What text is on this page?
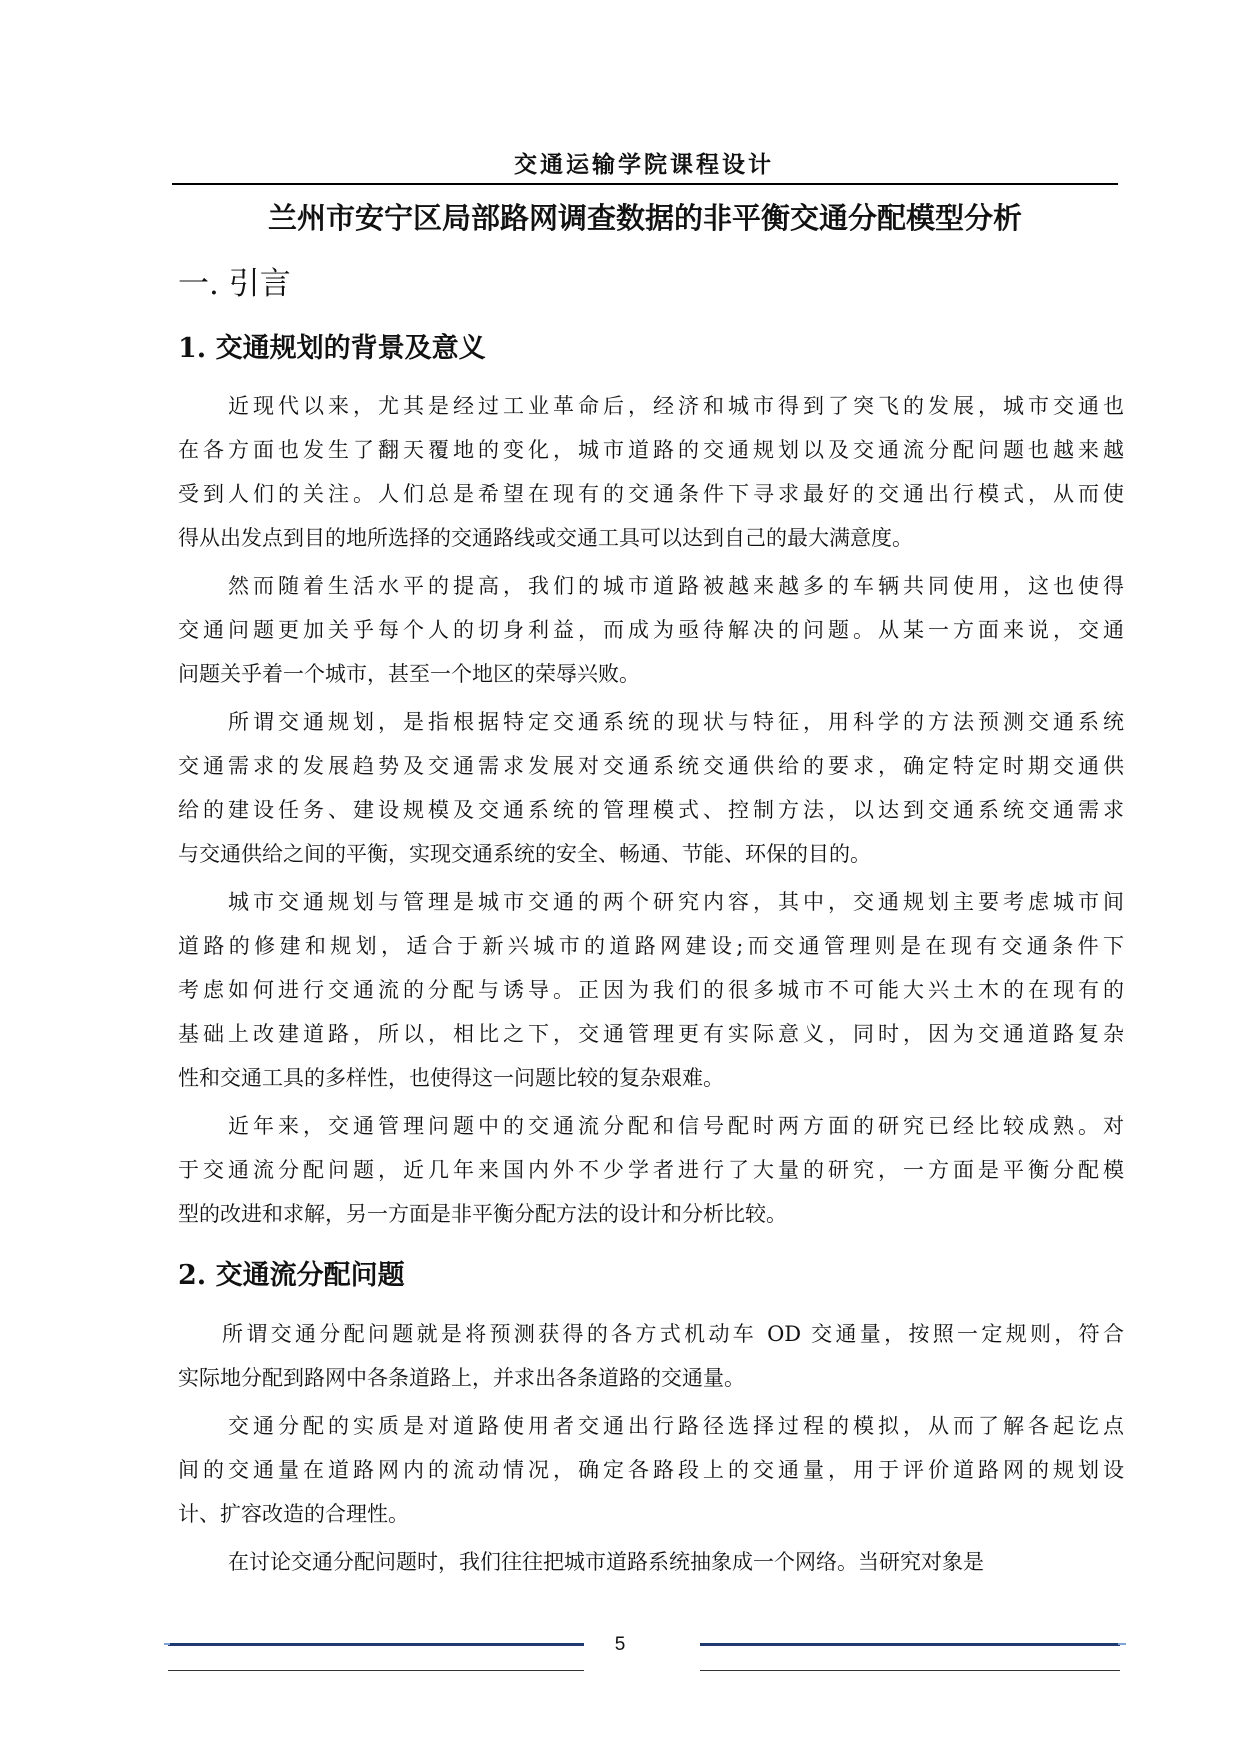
交通运输学院课程设计
兰州市安宁区局部路网调查数据的非平衡交通分配模型分析
一. 引言
1. 交通规划的背景及意义
近现代以来，尤其是经过工业革命后，经济和城市得到了突飞的发展，城市交通也
在各方面也发生了翻天覆地的变化，城市道路的交通规划以及交通流分配问题也越来越
受到人们的关注。人们总是希望在现有的交通条件下寻求最好的交通出行模式，从而使
得从出发点到目的地所选择的交通路线或交通工具可以达到自己的最大满意度。
然而随着生活水平的提高，我们的城市道路被越来越多的车辆共同使用，这也使得
交通问题更加关乎每个人的切身利益，而成为亟待解决的问题。从某一方面来说，交通
问题关乎着一个城市，甚至一个地区的荣辱兴败。
所谓交通规划，是指根据特定交通系统的现状与特征，用科学的方法预测交通系统
交通需求的发展趋势及交通需求发展对交通系统交通供给的要求，确定特定时期交通供
给的建设任务、建设规模及交通系统的管理模式、控制方法，以达到交通系统交通需求
与交通供给之间的平衡，实现交通系统的安全、畅通、节能、环保的目的。
城市交通规划与管理是城市交通的两个研究内容，其中，交通规划主要考虑城市间
道路的修建和规划，适合于新兴城市的道路网建设;而交通管理则是在现有交通条件下
考虑如何进行交通流的分配与诱导。正因为我们的很多城市不可能大兴土木的在现有的
基础上改建道路，所以，相比之下，交通管理更有实际意义，同时，因为交通道路复杂
性和交通工具的多样性，也使得这一问题比较的复杂艰难。
近年来，交通管理问题中的交通流分配和信号配时两方面的研究已经比较成熟。对
于交通流分配问题，近几年来国内外不少学者进行了大量的研究，一方面是平衡分配模
型的改进和求解，另一方面是非平衡分配方法的设计和分析比较。
2. 交通流分配问题
所谓交通分配问题就是将预测获得的各方式机动车 OD 交通量，按照一定规则，符合
实际地分配到路网中各条道路上，并求出各条道路的交通量。
交通分配的实质是对道路使用者交通出行路径选择过程的模拟，从而了解各起讫点
间的交通量在道路网内的流动情况，确定各路段上的交通量，用于评价道路网的规划设
计、扩容改造的合理性。
在讨论交通分配问题时，我们往往把城市道路系统抽象成一个网络。当研究对象是
5
